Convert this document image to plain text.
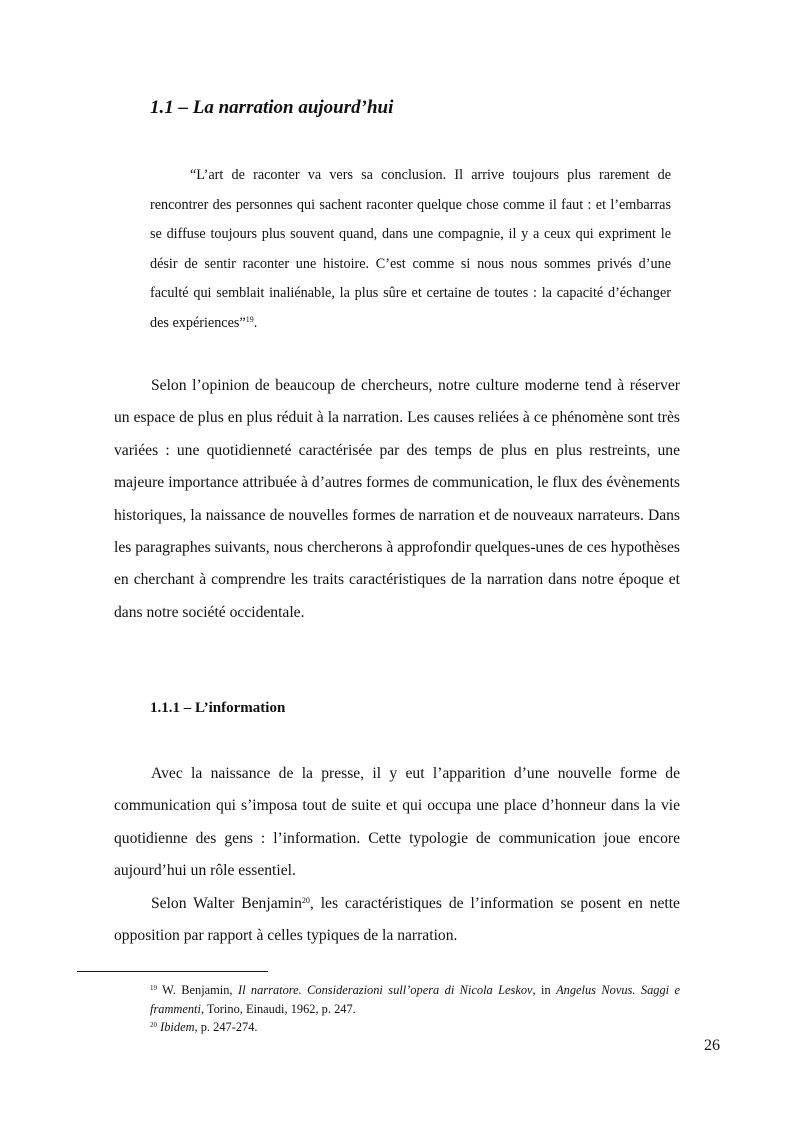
1.1 – La narration aujourd’hui

“L’art de raconter va vers sa conclusion. Il arrive toujours plus rarement de rencontrer des personnes qui sachent raconter quelque chose comme il faut : et l’embarras se diffuse toujours plus souvent quand, dans une compagnie, il y a ceux qui expriment le désir de sentir raconter une histoire. C’est comme si nous nous sommes privés d’une faculté qui semblait inaliénable, la plus sûre et certaine de toutes : la capacité d’échanger des expériences”$^{19}$.

Selon l’opinion de beaucoup de chercheurs, notre culture moderne tend à réserver un espace de plus en plus réduit à la narration. Les causes reliées à ce phénomène sont très variées : une quotidienneté caractérisée par des temps de plus en plus restreints, une majeure importance attribuée à d’autres formes de communication, le flux des évènements historiques, la naissance de nouvelles formes de narration et de nouveaux narrateurs. Dans les paragraphes suivants, nous chercherons à approfondir quelques-unes de ces hypothèses en cherchant à comprendre les traits caractéristiques de la narration dans notre époque et dans notre société occidentale.

1.1.1 – L’information

Avec la naissance de la presse, il y eut l’apparition d’une nouvelle forme de communication qui s’imposa tout de suite et qui occupa une place d’honneur dans la vie quotidienne des gens : l’information. Cette typologie de communication joue encore aujourd’hui un rôle essentiel.

Selon Walter Benjamin$^{20}$, les caractéristiques de l’information se posent en nette opposition par rapport à celles typiques de la narration.

$^{19}$ W. Benjamin, Il narratore. Considerazioni sull’opera di Nicola Leskov, in Angelus Novus. Saggi e frammenti, Torino, Einaudi, 1962, p. 247.

$^{20}$ Ibidem, p. 247-274.

26
